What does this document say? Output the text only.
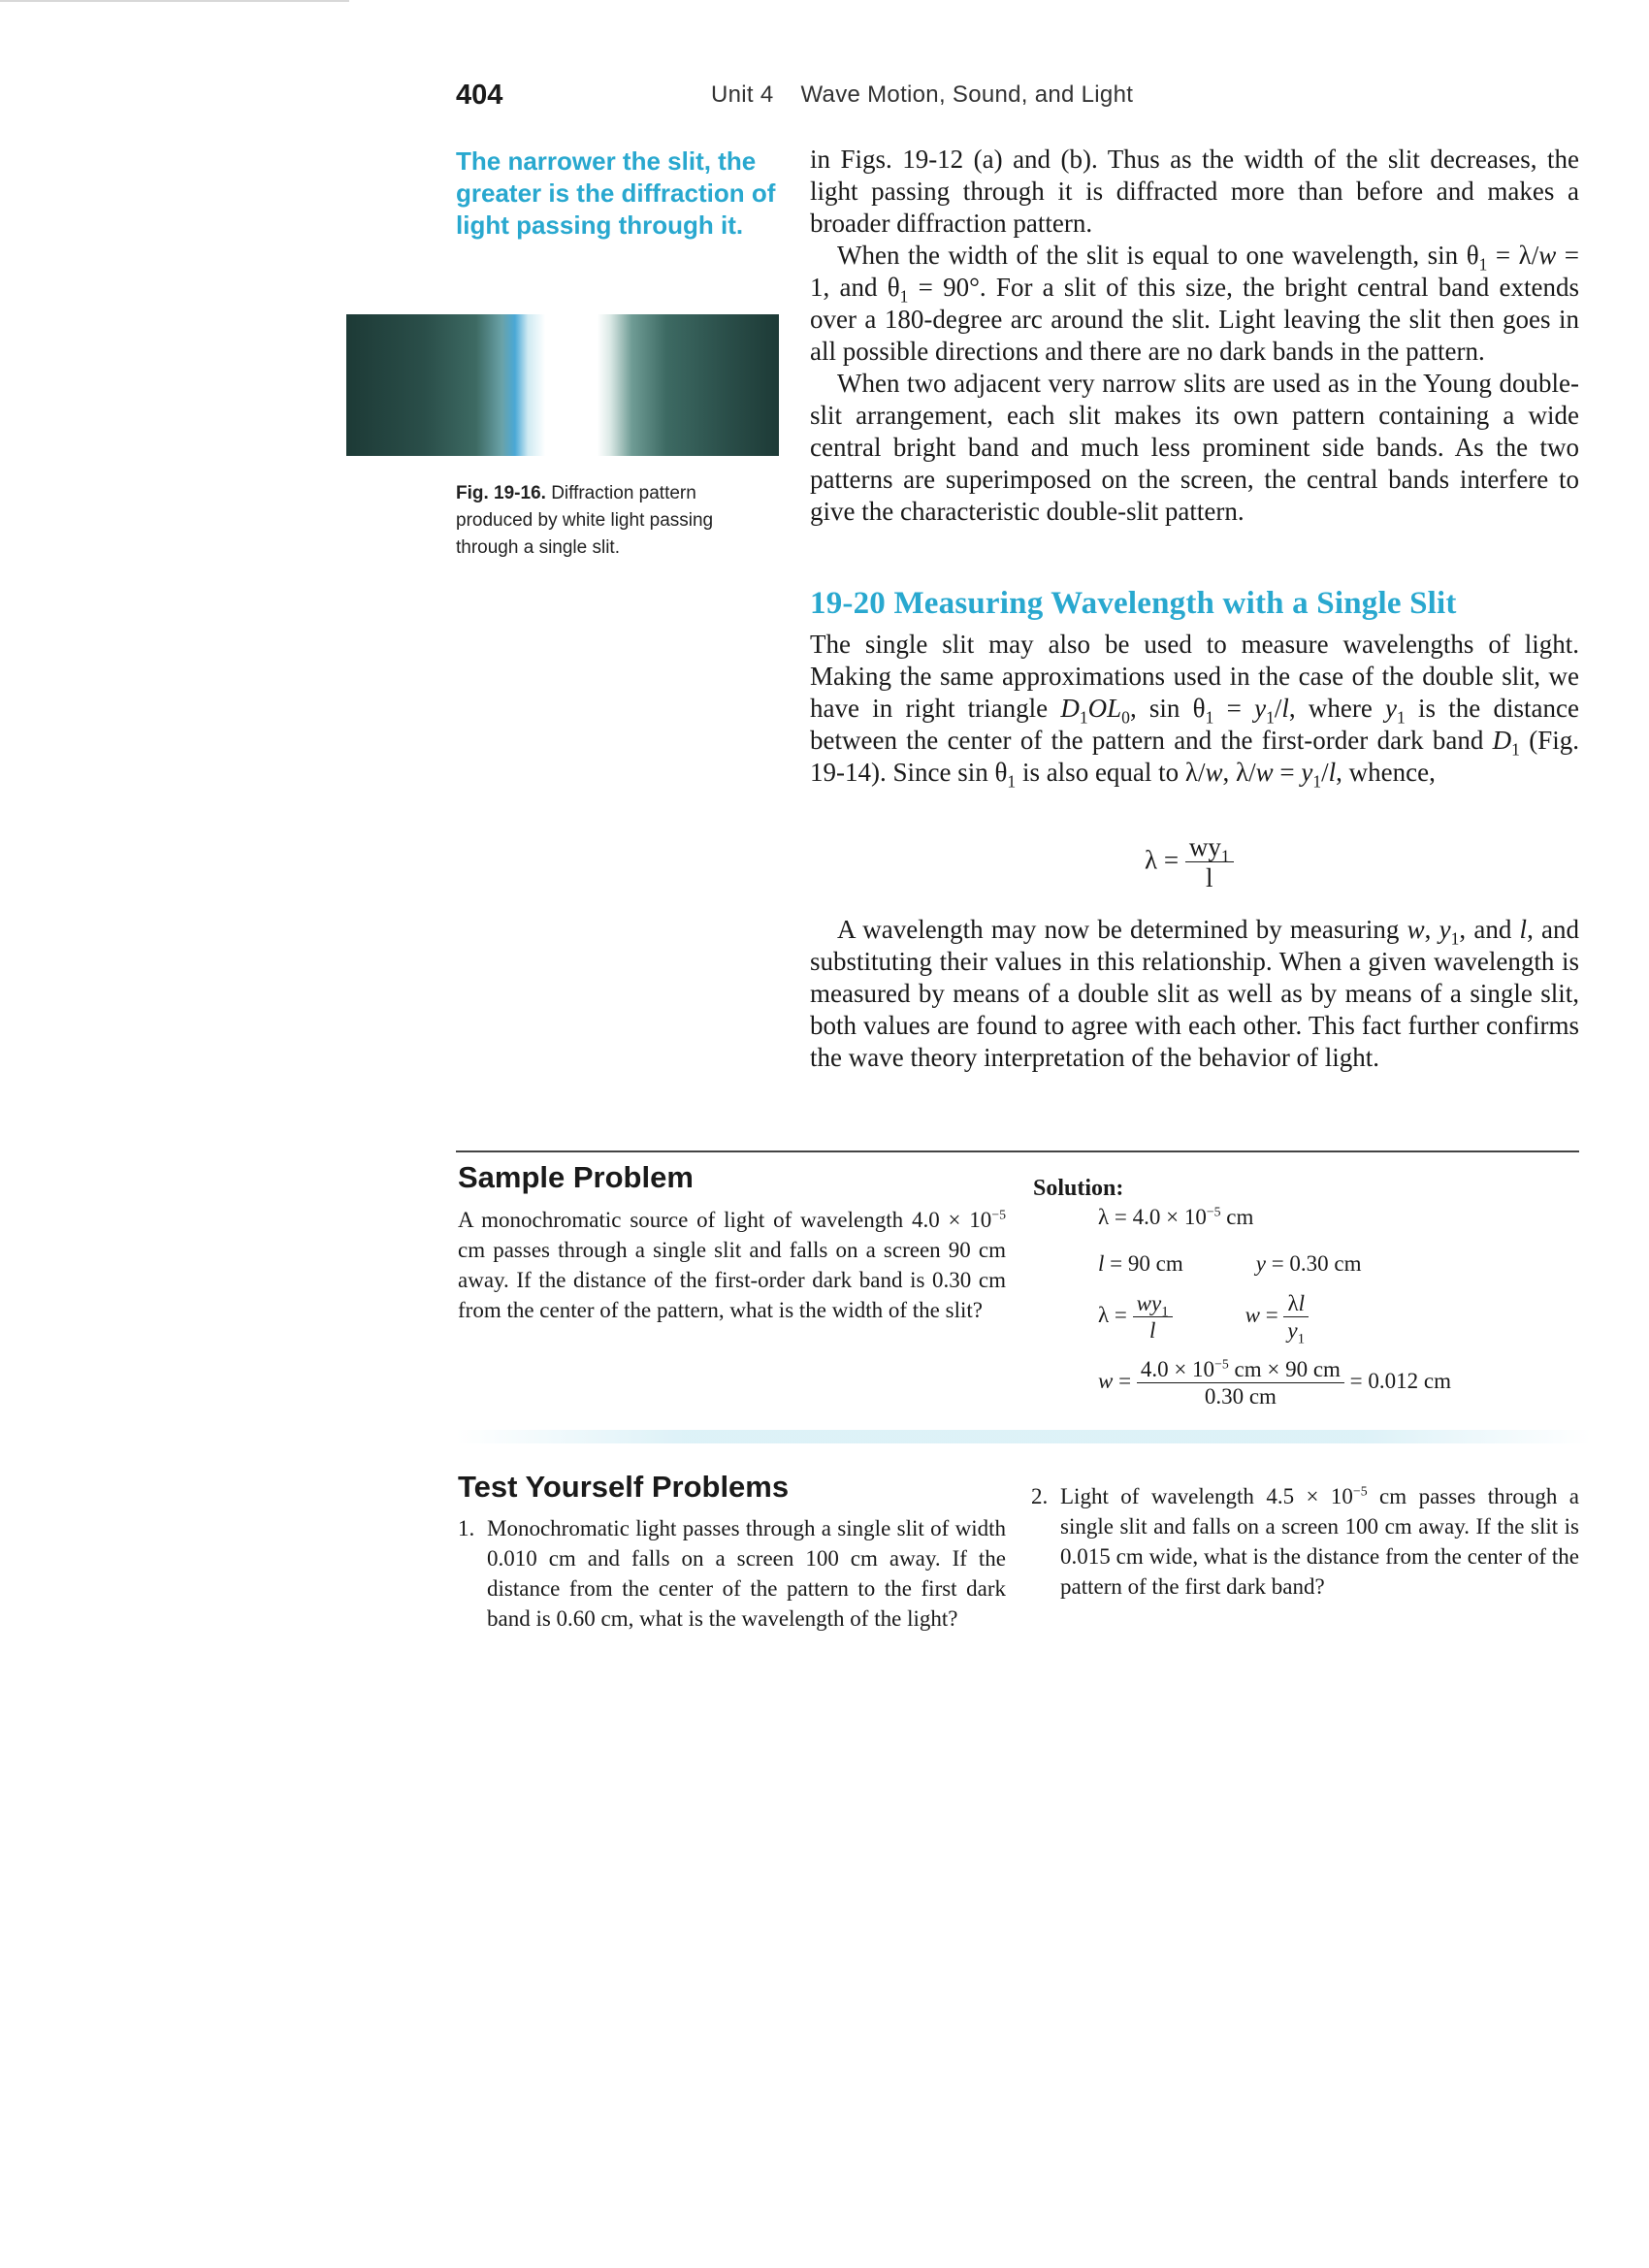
404	Unit 4 Wave Motion, Sound, and Light
The narrower the slit, the greater is the diffraction of light passing through it.
Fig. 19-16. Diffraction pattern produced by white light passing through a single slit.

in Figs. 19-12 (a) and (b). Thus as the width of the slit decreases, the light passing through it is diffracted more than before and makes a broader diffraction pattern.

When the width of the slit is equal to one wavelength, $\sin \theta_1 = \lambda/w = 1$, and $\theta_1 = 90^\circ$. For a slit of this size, the bright central band extends over a 180-degree arc around the slit. Light leaving the slit then goes in all possible directions and there are no dark bands in the pattern.

When two adjacent very narrow slits are used as in the Young double-slit arrangement, each slit makes its own pattern containing a wide central bright band and much less prominent side bands. As the two patterns are superimposed on the screen, the central bands interfere to give the characteristic double-slit pattern.

19-20 Measuring Wavelength with a Single Slit

The single slit may also be used to measure wavelengths of light. Making the same approximations used in the case of the double slit, we have in right triangle $D_1OL_0$, $\sin \theta_1 = y_1/l$, where $y_1$ is the distance between the center of the pattern and the first-order dark band $D_1$ (Fig. 19-14). Since $\sin \theta_1$ is also equal to λ/w, $\lambda/w = y_1/l$, whence,

$\lambda = \frac{wy_1}{l}$

A wavelength may now be determined by measuring w, $y_1$, and l, and substituting their values in this relationship. When a given wavelength is measured by means of a double slit as well as by means of a single slit, both values are found to agree with each other. This fact further confirms the wave theory interpretation of the behavior of light.

Sample Problem
A monochromatic source of light of wavelength $4.0 \times 10^{-5}$ cm passes through a single slit and falls on a screen 90 cm away. If the distance of the first-order dark band is 0.30 cm from the center of the pattern, what is the width of the slit?
Solution:
$\lambda = 4.0 \times 10^{-5}$ cm
l = 90 cm	y = 0.30 cm
$\lambda = \frac{wy_1}{l}$	$w = \frac{\lambda l}{y_1}$
$w = \frac{4.0 \times 10^{-5} cm \times 90 cm}{0.30 cm} = 0.012$ cm
Test Yourself Problems
1. Monochromatic light passes through a single slit of width 0.010 cm and falls on a screen 100 cm away. If the distance from the center of the pattern to the first dark band is 0.60 cm, what is the wavelength of the light?
2. Light of wavelength $4.5 \times 10^{-5}$ cm passes through a single slit and falls on a screen 100 cm away. If the slit is 0.015 cm wide, what is the distance from the center of the pattern of the first dark band?
